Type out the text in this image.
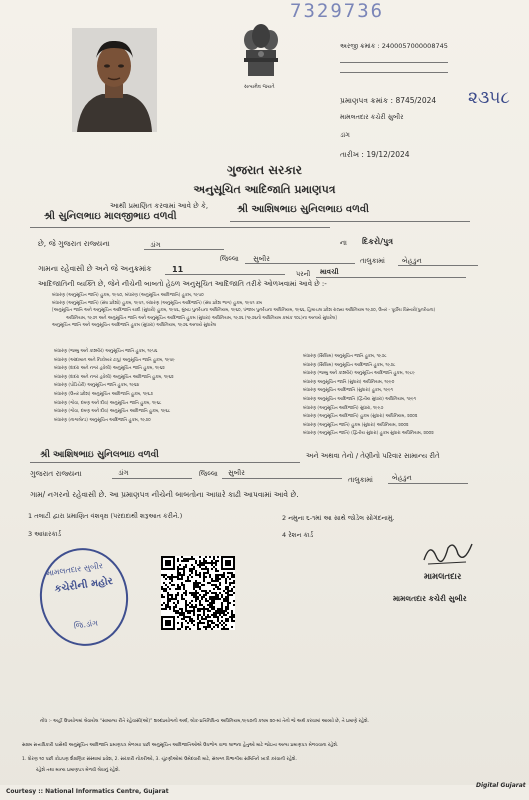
7329736
સત્યમેવ જયતે
અરજી ક્રમાંક : 2400057000008745
પ્રમાણપત્ર ક્રમાંક : 8745/2024 ૨૩૫૮
મામલતદાર કચેરી સુબીર
ડાંગ
તારીખ : 19/12/2024
ગુજરાત સરકાર
અનુસૂચિત આદિજાતિ પ્રમાણપત્ર
આથી પ્રમાણિત કરવામાં આવે છે કે,	શ્રી આશિષભાઇ સુનિલભાઇ વળવી
શ્રી સુનિલભાઇ માલજીભાઇ વળવી
ના દિકરો/પુત્ર
છે, જે ગુજરાત રાજ્યના	ડાંગ
જિલ્લા સુબીર	તાલુકામાં બેહડુન
ગામના રહેવાસી છે અને જે અનુક્રમાંક	11	પરની માવચી
આદિજાતિની વ્યક્તિ છે, જેને નીચેની બાબતો હેઠળ અનુસૂચિત આદિજાતિ તરીકે ઓળખવામાં આવે છે :-
બંધારણ (અનુસૂચિત જાતિ) હુકમ, ૧૯૫૦, બંધારણ (અનુસૂચિત આદિજાતિ) હુકમ, ૧૯૫૦
બંધારણ (અનુસૂચિત જાતિ) (સંઘ પ્રદેશો) હુકમ, ૧૯૫૧, બંધારણ (અનુસૂચિત આદિજાતિ) (સંઘ પ્રદેશ ભાગ) હુકમ, ૧૯૫૧ ક્રમ
[અનુસૂચિત જાતિ અને અનુસૂચિત આદિજાતિ યાદી (સુધારો) હુકમ, ૧૯૫૬, મુંબઇ પુનર્રચના અધિનિયમ, ૧૯૬૦, પંજાબ પુનર્રચના અધિનિયમ, ૧૯૬૬, હિમાચલ પ્રદેશ રાજ્ય અધિનિયમ ૧૯૭૦, ઉત્તર - પૂર્વીય વિસ્તારો(પુનર્રચના)
અધિનિયમ, ૧૯૭૧ અને અનુસૂચિત જાતિ અને અનુસૂચિત આદિજાતિ હુકમ (સુધારા) અધિનિયમ, ૧૯૭૬ (૧૯૭૬નો અધિનિયમ ક્રમાંક ૧૦૮)ના અન્વયે સુધારેલ]
અનુસૂચિત જાતિ અને અનુસૂચિત આદિજાતિ હુકમ (સુધારા) અધિનિયમ, ૧૯૭૬ અન્વયે સુધારેલ
બંધારણ (જમ્મુ અને કાશ્મીર) અનુસૂચિત જાતિ હુકમ, ૧૯૫૬
બંધારણ (આંદામાન અને નિકોબાર ટાપુ) અનુસૂચિત જાતિ હુકમ, ૧૯૫૯
બંધારણ (દાદરા અને નગર હવેલી) અનુસૂચિત જાતિ હુકમ, ૧૯૬૨
બંધારણ (દાદરા અને નગર હવેલી) અનુસૂચિત આદિજાતિ હુકમ, ૧૯૬૨
બંધારણ (પોંડિચેરી) અનુસૂચિત જાતિ હુકમ, ૧૯૬૪
બંધારણ (ઉત્તર પ્રદેશ) અનુસૂચિત આદિજાતિ હુકમ, ૧૯૬૭
બંધારણ (ગોવા, દમણ અને દીવ) અનુસૂચિત જાતિ હુકમ, ૧૯૬૮
બંધારણ (ગોવા, દમણ અને દીવ) અનુસૂચિત આદિજાતિ હુકમ, ૧૯૬૮
બંધારણ (નાગાલેન્ડ) અનુસૂચિત આદિજાતિ હુકમ, ૧૯૭૦
બંધારણ (સિક્કિમ) અનુસૂચિત જાતિ હુકમ, ૧૯૭૮
બંધારણ (સિક્કિમ) અનુસૂચિત આદિજાતિ હુકમ, ૧૯૭૮
બંધારણ (જમ્મુ અને કાશ્મીર) અનુસૂચિત આદિજાતિ હુકમ, ૧૯૮૯
બંધારણ અનુસૂચિત જાતિ (સુધારા) અધિનિયમ, ૧૯૯૦
બંધારણ અનુસૂચિત આદિજાતિ (સુધારા) હુકમ, ૧૯૯૧
બંધારણ અનુસૂચિત આદિજાતિ (દ્વિતીય સુધારા) અધિનિયમ, ૧૯૯૧
બંધારણ (અનુસૂચિત આદિજાતિ) સુધારા, ૧૯૯૭
બંધારણ (અનુસૂચિત આદિજાતિ) હુકમ (સુધારા) અધિનિયમ, ૨૦૦૨
બંધારણ (અનુસૂચિત જાતિ) હુકમ (સુધારા) અધિનિયમ, ૨૦૦૨
બંધારણ (અનુસૂચિત જાતિ) (દ્વિતીય સુધારા) હુકમ સુધારા અધિનિયમ, ૨૦૦૨
શ્રી આશિષભાઇ સુનિલભાઇ વળવી	અને અથવા તેનો / તેણીનો પરિવાર સામાન્ય રીતે
ગુજરાત રાજ્યના	ડાંગ	જિલ્લા સુબીર
તાલુકામાં	બેહડુન
ગામ/ નગરનો રહેવાસી છે. આ પ્રમાણપત્ર નીચેની બાબતોના આધારે કાઢી આપવામાં આવે છે.
1 તલાટી દ્વારા પ્રમાણિત વંશવૃક્ષ (પરદાદાથી શરૂઆત કરીને.)	2 નમુના ૬-૧માં આ સાથે જોડેલ સોગંદનામું.
3 આધારકાર્ડ	4 રેશન કાર્ડ
મામલતદાર સુબીર
કચેરીની મહોર
જિ.ડાંગ
મામલતદાર
મામલતદાર કચેરી સુબીર
નોંધ :- અહીં ઉપયોગમાં લેવાયેલ “સામાન્ય રીતે રહેવાસી(ઓ)” શબ્દપ્રયોગનો અર્થ, લોક-પ્રતિનિધિત્વ અધિનિયમ,૧૯૫૦ની કલમ ૨૦-માં તેનો જે અર્થ કરવામાં આવ્યો છે, તે પ્રમાણે રહેશે.
સક્ષમ સત્તાધિકારી પાસેથી અનુસૂચિત આદિજાતિ પ્રમાણપત્ર મેળવ્યા પછી અનુસૂચિત આદિજાતિઓએ ઉપભોગ વાળા લાભના હેતુઓ માટે જોઇતા અન્ય પ્રમાણપત્ર મેળવવાના રહેશે.
1. ધોરણ ૧૦ પછી કોઇપણ શૈક્ષણિક સંસ્થામાં પ્રવેશ, 2. સરકારી નોકરીઓ, 3. ચૂંટણીઓમાં ઉમેદવારી માટે, સંલગ્ન વિભાગીય સમિતિને ખાત્રી કરવાની રહેશે.
રહેશે તથા માન્ય પ્રમાણપત્ર મેળવી લેવાનું રહેશે.
Courtesy :: National Informatics Centre, Gujarat
Digital Gujarat
